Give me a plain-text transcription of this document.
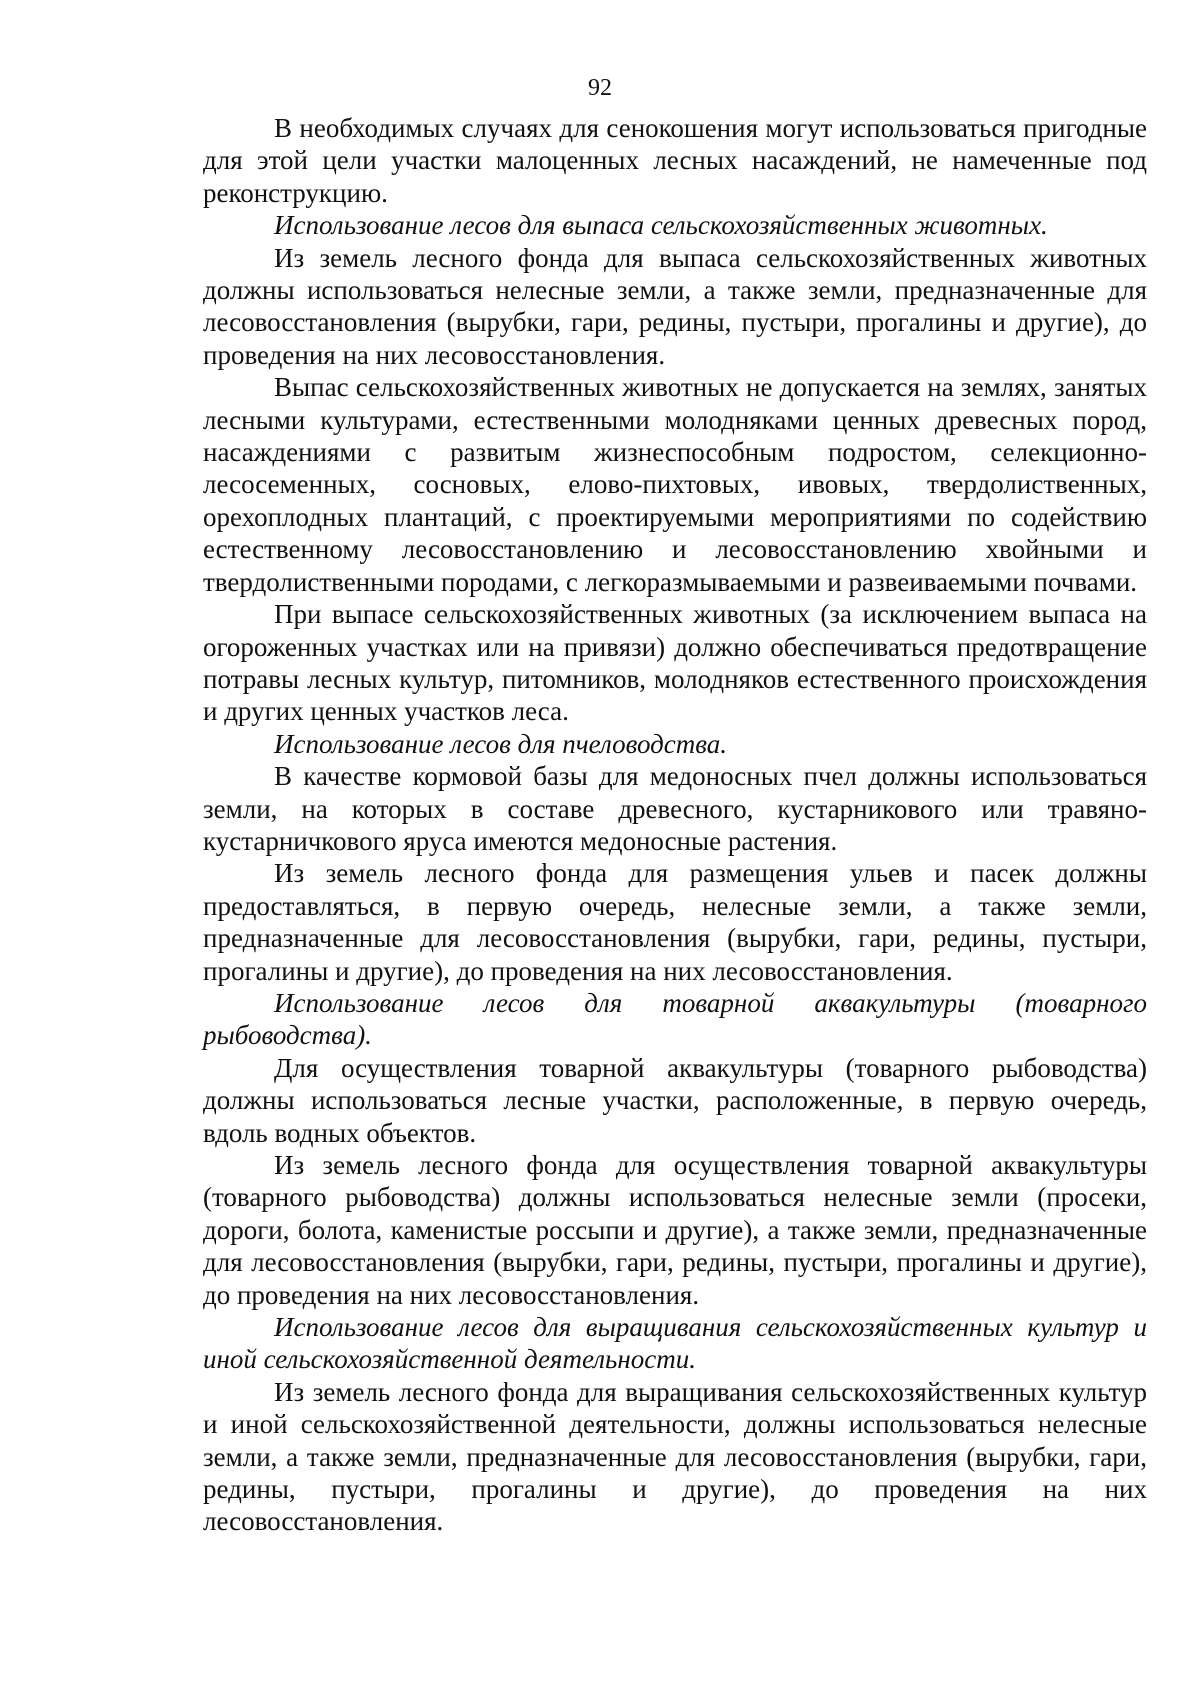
92

В необходимых случаях для сенокошения могут использоваться пригодные для этой цели участки малоценных лесных насаждений, не намеченные под реконструкцию.

Использование лесов для выпаса сельскохозяйственных животных.

Из земель лесного фонда для выпаса сельскохозяйственных животных должны использоваться нелесные земли, а также земли, предназначенные для лесовосстановления (вырубки, гари, редины, пустыри, прогалины и другие), до проведения на них лесовосстановления.

Выпас сельскохозяйственных животных не допускается на землях, занятых лесными культурами, естественными молодняками ценных древесных пород, насаждениями с развитым жизнеспособным подростом, селекционно-лесосеменных, сосновых, елово-пихтовых, ивовых, твердолиственных, орехоплодных плантаций, с проектируемыми мероприятиями по содействию естественному лесовосстановлению и лесовосстановлению хвойными и твердолиственными породами, с легкоразмываемыми и развеиваемыми почвами.

При выпасе сельскохозяйственных животных (за исключением выпаса на огороженных участках или на привязи) должно обеспечиваться предотвращение потравы лесных культур, питомников, молодняков естественного происхождения и других ценных участков леса.

Использование лесов для пчеловодства.

В качестве кормовой базы для медоносных пчел должны использоваться земли, на которых в составе древесного, кустарникового или травяно-кустарничкового яруса имеются медоносные растения.

Из земель лесного фонда для размещения ульев и пасек должны предоставляться, в первую очередь, нелесные земли, а также земли, предназначенные для лесовосстановления (вырубки, гари, редины, пустыри, прогалины и другие), до проведения на них лесовосстановления.

Использование лесов для товарной аквакультуры (товарного рыбоводства).

Для осуществления товарной аквакультуры (товарного рыбоводства) должны использоваться лесные участки, расположенные, в первую очередь, вдоль водных объектов.

Из земель лесного фонда для осуществления товарной аквакультуры (товарного рыбоводства) должны использоваться нелесные земли (просеки, дороги, болота, каменистые россыпи и другие), а также земли, предназначенные для лесовосстановления (вырубки, гари, редины, пустыри, прогалины и другие), до проведения на них лесовосстановления.

Использование лесов для выращивания сельскохозяйственных культур и иной сельскохозяйственной деятельности.

Из земель лесного фонда для выращивания сельскохозяйственных культур и иной сельскохозяйственной деятельности, должны использоваться нелесные земли, а также земли, предназначенные для лесовосстановления (вырубки, гари, редины, пустыри, прогалины и другие), до проведения на них лесовосстановления.
